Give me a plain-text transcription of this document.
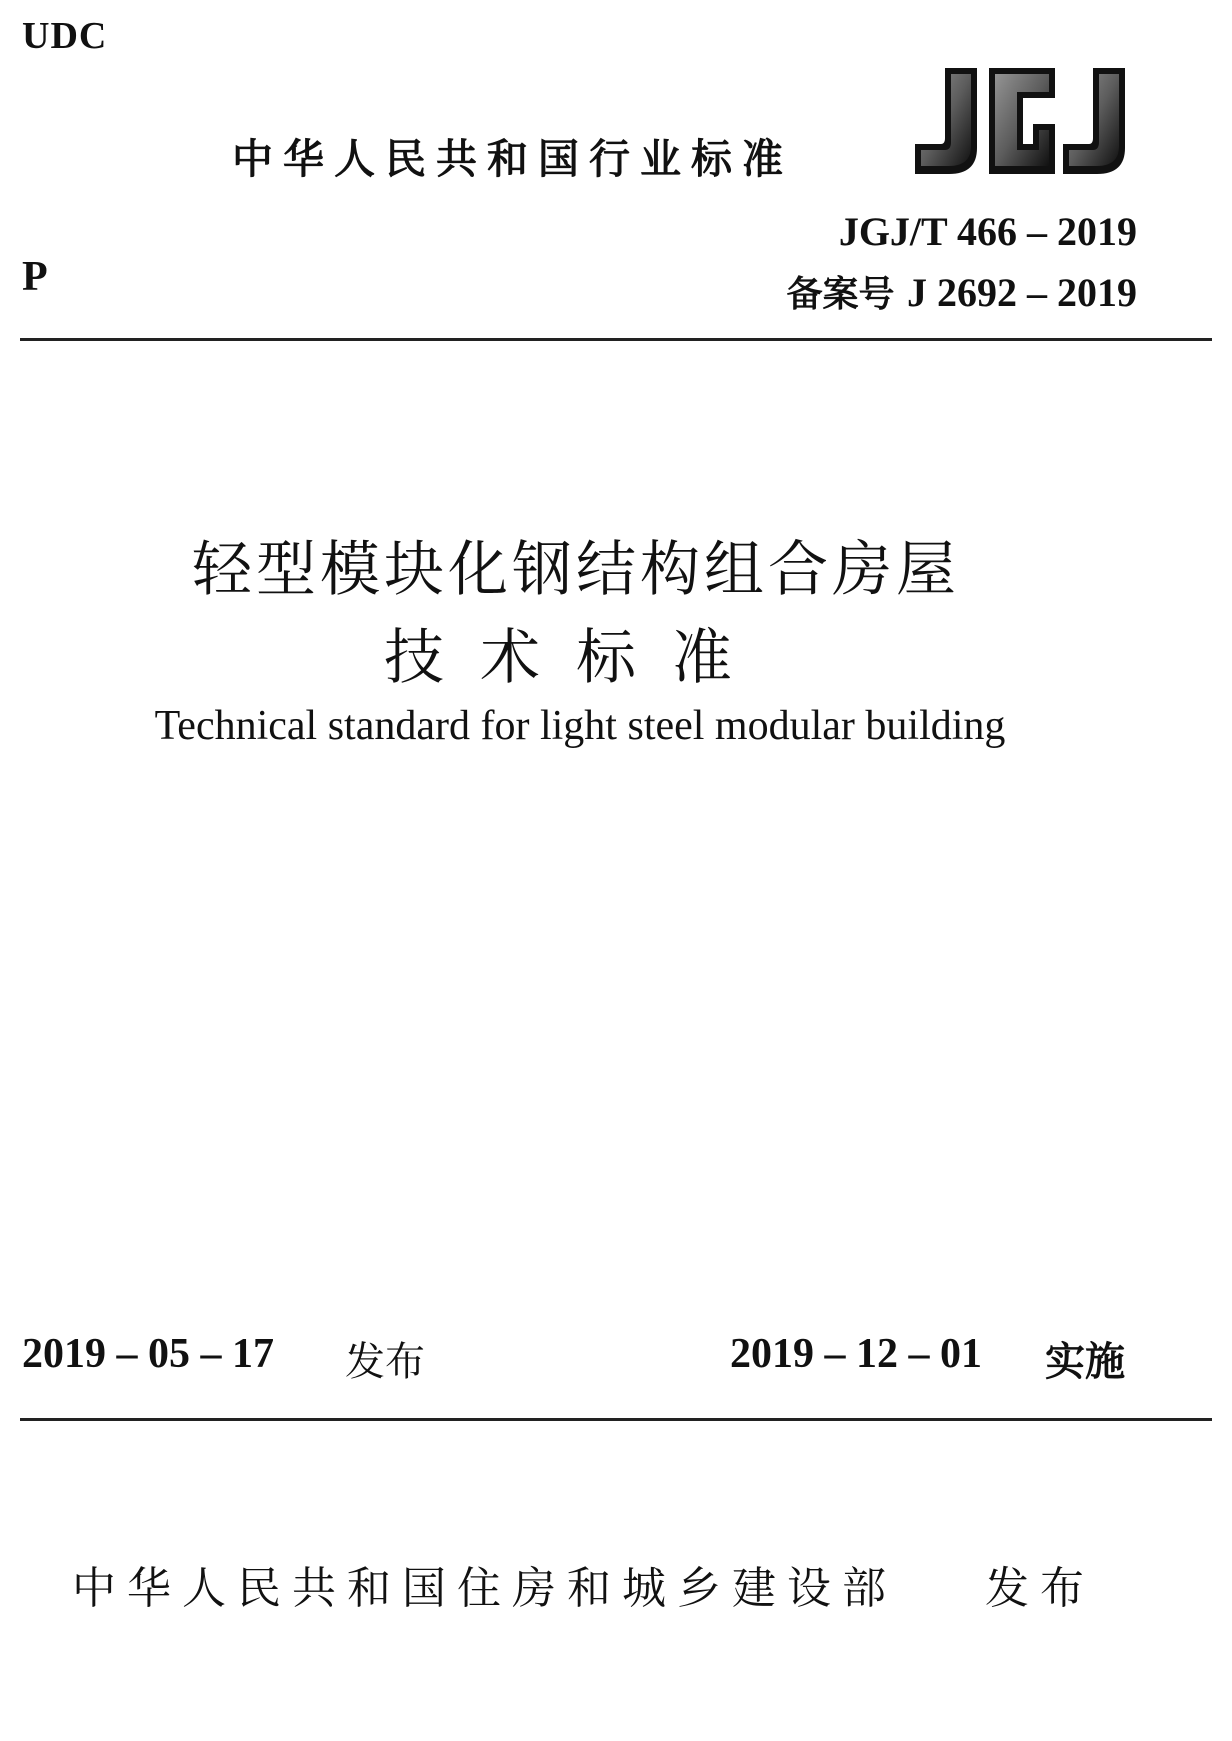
UDC
中华人民共和国行业标准
JGJ
JGJ/T 466 – 2019
备案号 J 2692 – 2019
P
轻型模块化钢结构组合房屋
技术标准
Technical standard for light steel modular building
2019 – 05 – 17 发布	2019 – 12 – 01 实施
中华人民共和国住房和城乡建设部 发布
